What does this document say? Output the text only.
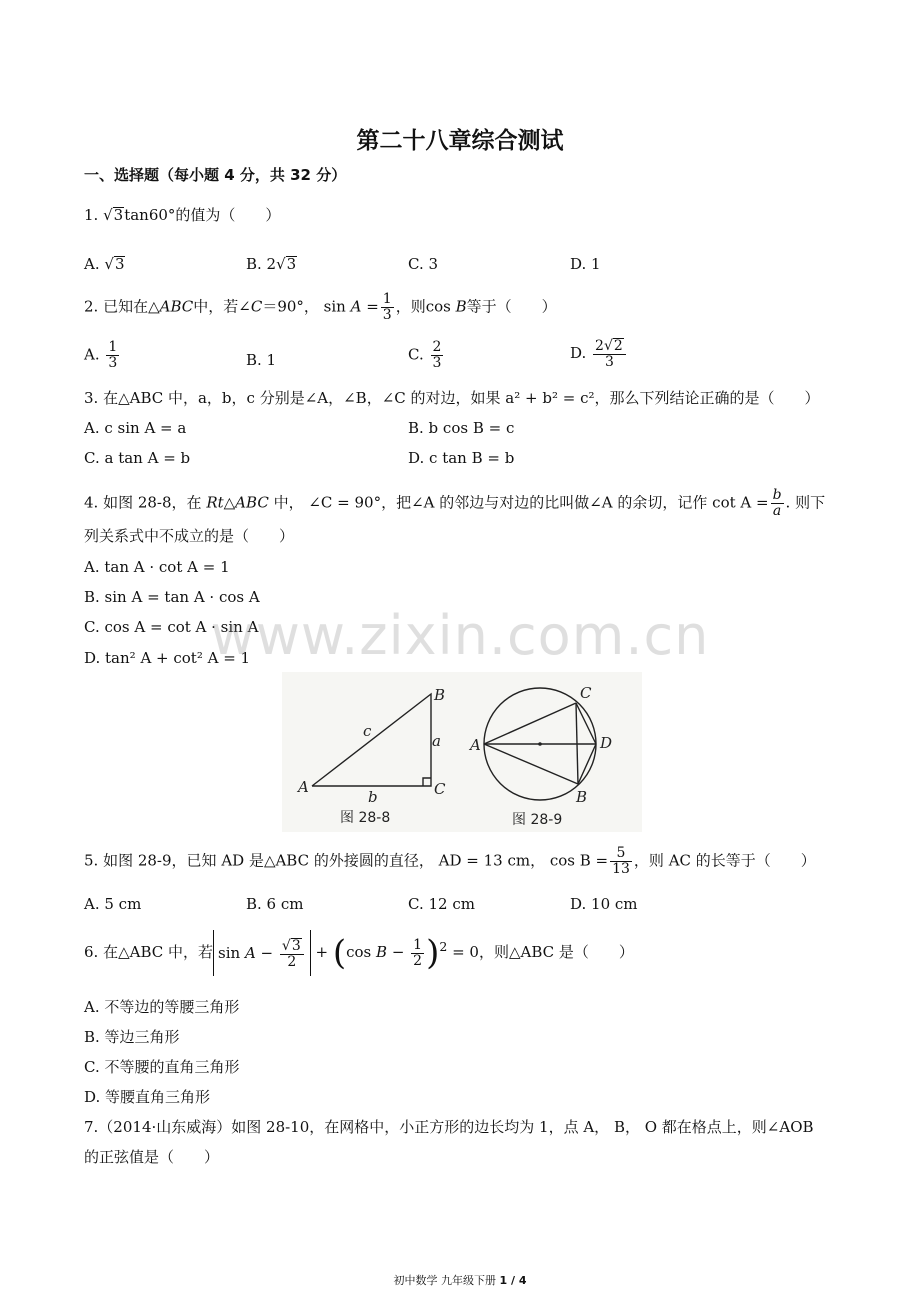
第二十八章综合测试
一、选择题（每小题 4 分，共 32 分）
1. √3tan60°的值为（　　）
A. √3	B. 2√3	C. 3	D. 1
2. 已知在△ABC中，若∠C＝90°， $\sin A = \frac{1}{3}$ ，则cos B等于（　　）
A. $\frac{1}{3}$	B. 1	C. $\frac{2}{3}$	D. $\frac{2√2}{3}$
3. 在△ABC 中，a，b，c 分别是∠A，∠B，∠C 的对边，如果 a² + b² = c²，那么下列结论正确的是（　　）
A. c sin A = a	B. b cos B = c
C. a tan A = b	D. c tan B = b
4. 如图 28-8，在 Rt△ABC 中， ∠C = 90°，把∠A 的邻边与对边的比叫做∠A 的余切，记作 $\cot A = \frac{b}{a}$ . 则下
列关系式中不成立的是（　　）
A. tan A · cot A = 1
B. sin A = tan A · cos A
C. cos A = cot A · sin A
D. tan² A + cot² A = 1
www.zixin.com.cn
A
B
C
c
a
b
图 28-8
A
C
D
B
图 28-9
5. 如图 28-9，已知 AD 是△ABC 的外接圆的直径， AD = 13 cm， $\cos B = \frac{5}{13}$ ，则 AC 的长等于（　　）
A. 5 cm	B. 6 cm	C. 12 cm	D. 10 cm
6. 在△ABC 中，若 $\sin A - \frac{√3}{2} + (\cos$ $B - \frac{1}{2} )^2 = 0$，则△ABC 是（　　）
A. 不等边的等腰三角形
B. 等边三角形
C. 不等腰的直角三角形
D. 等腰直角三角形
7.（2014·山东威海）如图 28-10，在网格中，小正方形的边长均为 1，点 A， B， O 都在格点上，则∠AOB
的正弦值是（　　）
初中数学 九年级下册 1 / 4
